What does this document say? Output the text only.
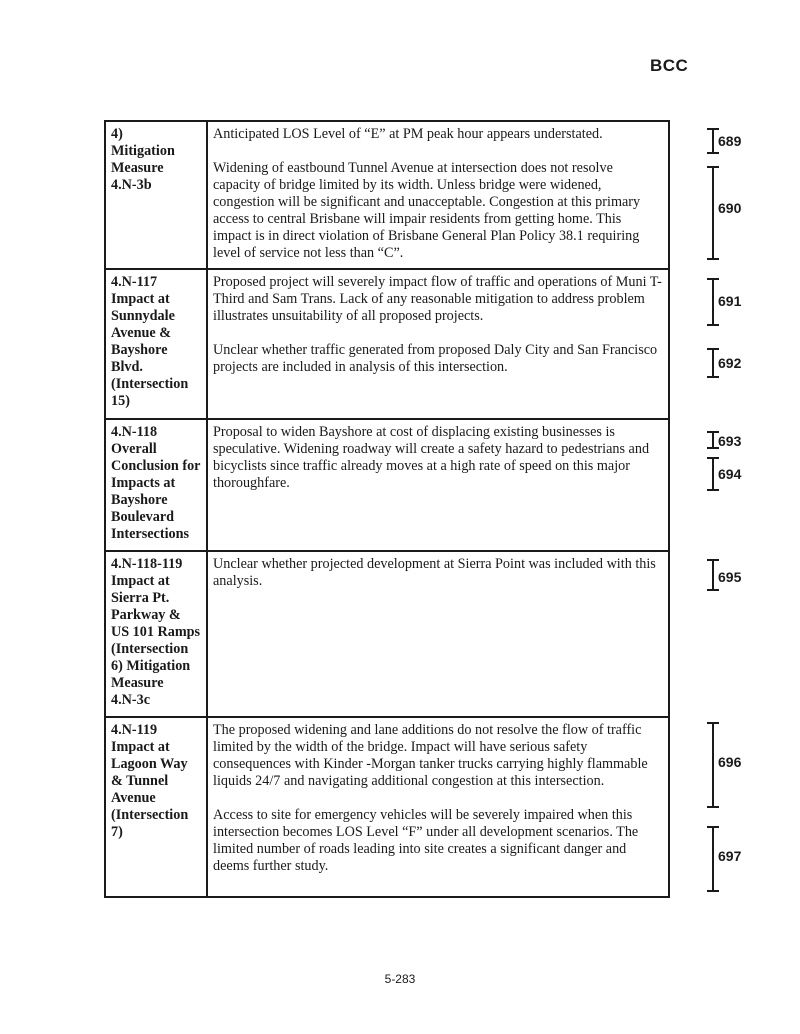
BCC
4)
Mitigation
Measure
4.N-3b

Anticipated LOS Level of “E” at PM peak hour appears understated.

Widening of eastbound Tunnel Avenue at intersection does not resolve capacity of bridge limited by its width. Unless bridge were widened, congestion will be significant and unacceptable. Congestion at this primary access to central Brisbane will impair residents from getting home. This impact is in direct violation of Brisbane General Plan Policy 38.1 requiring level of service not less than “C”.

4.N-117
Impact at
Sunnydale
Avenue &
Bayshore
Blvd.
(Intersection
15)

Proposed project will severely impact flow of traffic and operations of Muni T-Third and Sam Trans. Lack of any reasonable mitigation to address problem illustrates unsuitability of all proposed projects.

Unclear whether traffic generated from proposed Daly City and San Francisco projects are included in analysis of this intersection.

4.N-118
Overall
Conclusion for
Impacts at
Bayshore
Boulevard
Intersections

Proposal to widen Bayshore at cost of displacing existing businesses is speculative. Widening roadway will create a safety hazard to pedestrians and bicyclists since traffic already moves at a high rate of speed on this major thoroughfare.

4.N-118-119
Impact at
Sierra Pt.
Parkway &
US 101 Ramps
(Intersection
6) Mitigation
Measure
4.N-3c

Unclear whether projected development at Sierra Point was included with this analysis.

4.N-119
Impact at
Lagoon Way
& Tunnel
Avenue
(Intersection
7)

The proposed widening and lane additions do not resolve the flow of traffic limited by the width of the bridge. Impact will have serious safety consequences with Kinder -Morgan tanker trucks carrying highly flammable liquids 24/7 and navigating additional congestion at this intersection.

Access to site for emergency vehicles will be severely impaired when this intersection becomes LOS Level “F” under all development scenarios. The limited number of roads leading into site creates a significant danger and deems further study.

689
690
691
692
693
694
695
696
697
5-283
